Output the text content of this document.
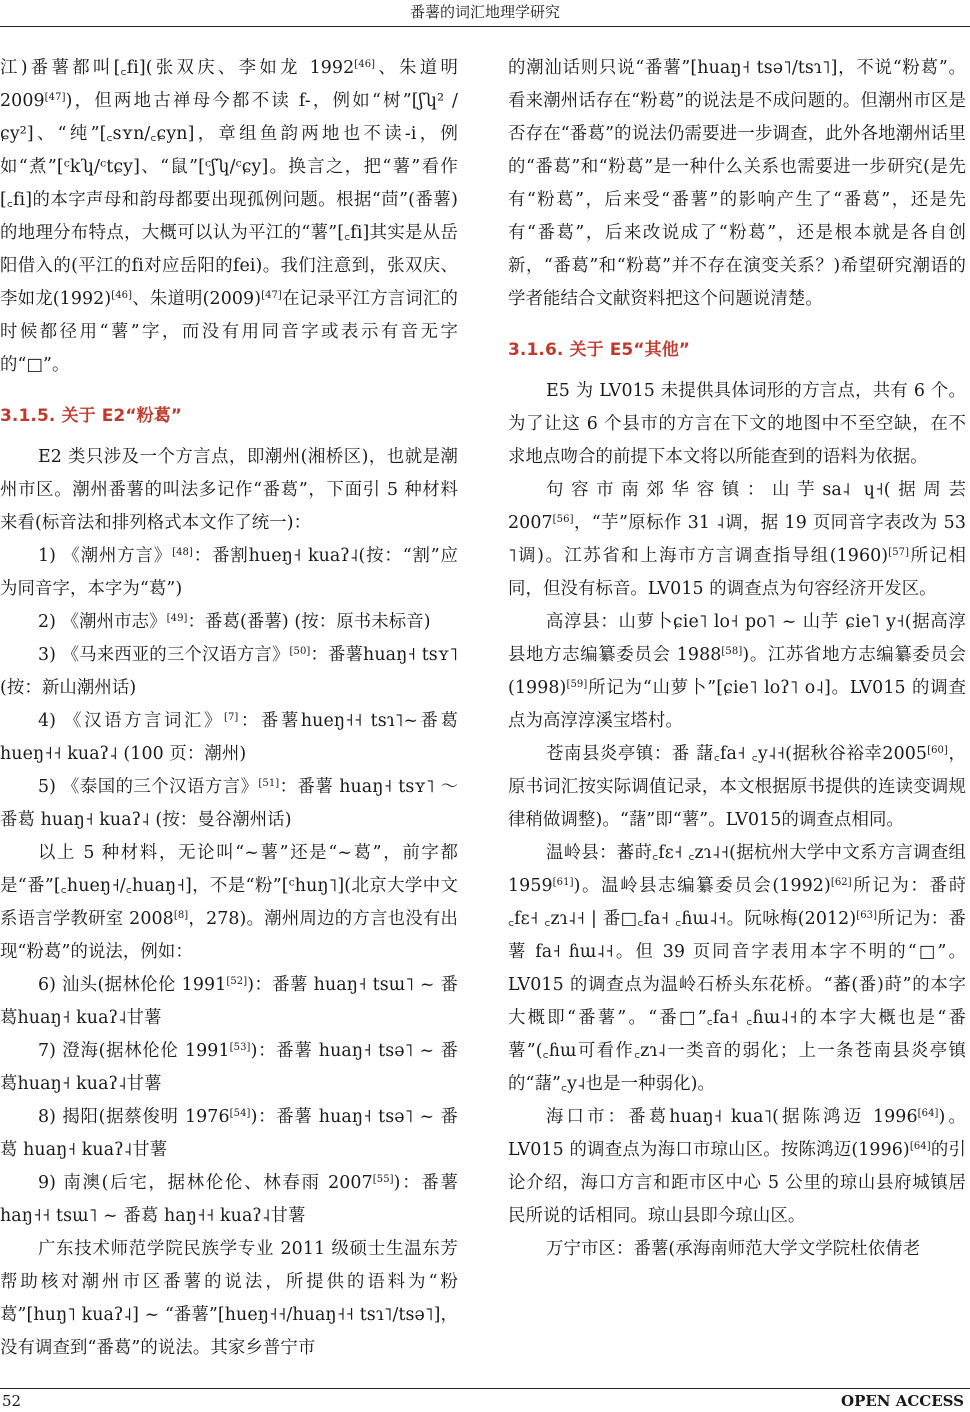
番薯的词汇地理学研究

江)番薯都叫[꜀fi](张双庆、李如龙 1992[46]、朱道明2009[47])，但两地古禅母今都不读 f-，例如“树”[ʃʮ² /ɕy²]、“纯”[꜀sʏn/꜀ɕyn]，章组鱼韵两地也不读-i，例如“煮”[ᶜkʮ/ᶜtɕy]、“鼠”[ᶜʃʮ/ᶜɕy]。换言之，把“薯”看作[꜀fi]的本字声母和韵母都要出现孤例问题。根据“茴”(番薯)的地理分布特点，大概可以认为平江的“薯”[꜀fi]其实是从岳阳借入的(平江的fi对应岳阳的fei)。我们注意到，张双庆、李如龙(1992)[46]、朱道明(2009)[47]在记录平江方言词汇的时候都径用“薯”字，而没有用同音字或表示有音无字的“□”。

3.1.5. 关于 E2“粉葛”

E2 类只涉及一个方言点，即潮州(湘桥区)，也就是潮州市区。潮州番薯的叫法多记作“番葛”，下面引 5 种材料来看(标音法和排列格式本文作了统一)：

1) 《潮州方言》[48]：番割hueŋ˧ kuaʔ˨(按：“割”应为同音字，本字为“葛”)

2) 《潮州市志》[49]：番葛(番薯) (按：原书未标音)

3) 《马来西亚的三个汉语方言》[50]：番薯huaŋ˧ tsʏ˥ (按：新山潮州话)

4) 《汉语方言词汇》[7]：番薯hueŋ˧˧ tsɿ˥~番葛 hueŋ˧˧ kuaʔ˨ (100 页：潮州)

5) 《泰国的三个汉语方言》[51]：番薯 huaŋ˧ tsʏ˥ ～ 番葛 huaŋ˧ kuaʔ˨ (按：曼谷潮州话)

以上 5 种材料，无论叫“~薯”还是“~葛”，前字都是“番”[꜀hueŋ˧/꜀huaŋ˧]，不是“粉”[ᶜhuŋ˥](北京大学中文系语言学教研室 2008[8]，278)。潮州周边的方言也没有出现“粉葛”的说法，例如：

6) 汕头(据林伦伦 1991[52])：番薯 huaŋ˧ tsɯ˥ ~ 番葛huaŋ˧ kuaʔ˨甘薯

7) 澄海(据林伦伦 1991[53])：番薯 huaŋ˧ tsə˥ ~ 番葛huaŋ˧ kuaʔ˨甘薯

8) 揭阳(据蔡俊明 1976[54])：番薯 huaŋ˧ tsə˥ ~ 番葛 huaŋ˧ kuaʔ˨甘薯

9) 南澳(后宅，据林伦伦、林春雨 2007[55])：番薯haŋ˧˧ tsɯ˥ ~ 番葛 haŋ˧˧ kuaʔ˨甘薯

广东技术师范学院民族学专业 2011 级硕士生温东芳帮助核对潮州市区番薯的说法，所提供的语料为“粉葛”[huŋ˥ kuaʔ˨] ~ “番薯”[hueŋ˧˧/huaŋ˧˧ tsɿ˥/tsə˥]，没有调查到“番葛”的说法。其家乡普宁市

的潮汕话则只说“番薯”[huaŋ˧ tsə˥/tsɿ˥]，不说“粉葛”。看来潮州话存在“粉葛”的说法是不成问题的。但潮州市区是否存在“番葛”的说法仍需要进一步调查，此外各地潮州话里的“番葛”和“粉葛”是一种什么关系也需要进一步研究(是先有“粉葛”，后来受“番薯”的影响产生了“番葛”，还是先有“番葛”，后来改说成了“粉葛”，还是根本就是各自创新，“番葛”和“粉葛”并不存在演变关系？)希望研究潮语的学者能结合文献资料把这个问题说清楚。

3.1.6. 关于 E5“其他”

E5 为 LV015 未提供具体词形的方言点，共有 6 个。为了让这 6 个县市的方言在下文的地图中不至空缺，在不求地点吻合的前提下本文将以所能查到的语料为依据。

句容市南郊华容镇：山芋sa˨ ɥ˧(据周芸 2007[56]，“芋”原标作 31 ˨调，据 19 页同音字表改为 53 ˥调)。江苏省和上海市方言调查指导组(1960)[57]所记相同，但没有标音。LV015 的调查点为句容经济开发区。

高淳县：山萝卜ɕie˥ lo˧ po˥ ~ 山芋 ɕie˥ y˧(据高淳县地方志编纂委员会 1988[58])。江苏省地方志编纂委员会(1998)[59]所记为“山萝卜”[ɕie˥ loʔ˥ o˨]。LV015 的调查点为高淳淳溪宝塔村。

苍南县炎亭镇：番 藷꜀fa˧ ꜀y˨˧(据秋谷裕幸2005[60]，原书词汇按实际调值记录，本文根据原书提供的连读变调规律稍做调整)。“藷”即“薯”。LV015的调查点相同。

温岭县：蕃莳꜀fɛ˧ ꜀zɿ˨˧(据杭州大学中文系方言调查组 1959[61])。温岭县志编纂委员会(1992)[62]所记为：番莳꜀fɛ˧ ꜀zɿ˨˧ | 番□꜀fa˧ ꜀ɦɯ˨˧。阮咏梅(2012)[63]所记为：番薯 fa˧ ɦɯ˨˧。但 39 页同音字表用本字不明的“□”。LV015 的调查点为温岭石桥头东花桥。“蕃(番)莳”的本字大概即“番薯”。“番□”꜀fa˧ ꜀ɦɯ˨˧的本字大概也是“番薯”(꜀ɦɯ可看作꜀zɿ˨一类音的弱化；上一条苍南县炎亭镇的“藷”꜀y˨也是一种弱化)。

海口市：番葛huaŋ˧ kua˥(据陈鸿迈 1996[64])。LV015 的调查点为海口市琼山区。按陈鸿迈(1996)[64]的引论介绍，海口方言和距市区中心 5 公里的琼山县府城镇居民所说的话相同。琼山县即今琼山区。

万宁市区：番薯(承海南师范大学文学院杜依倩老

52	OPEN ACCESS
